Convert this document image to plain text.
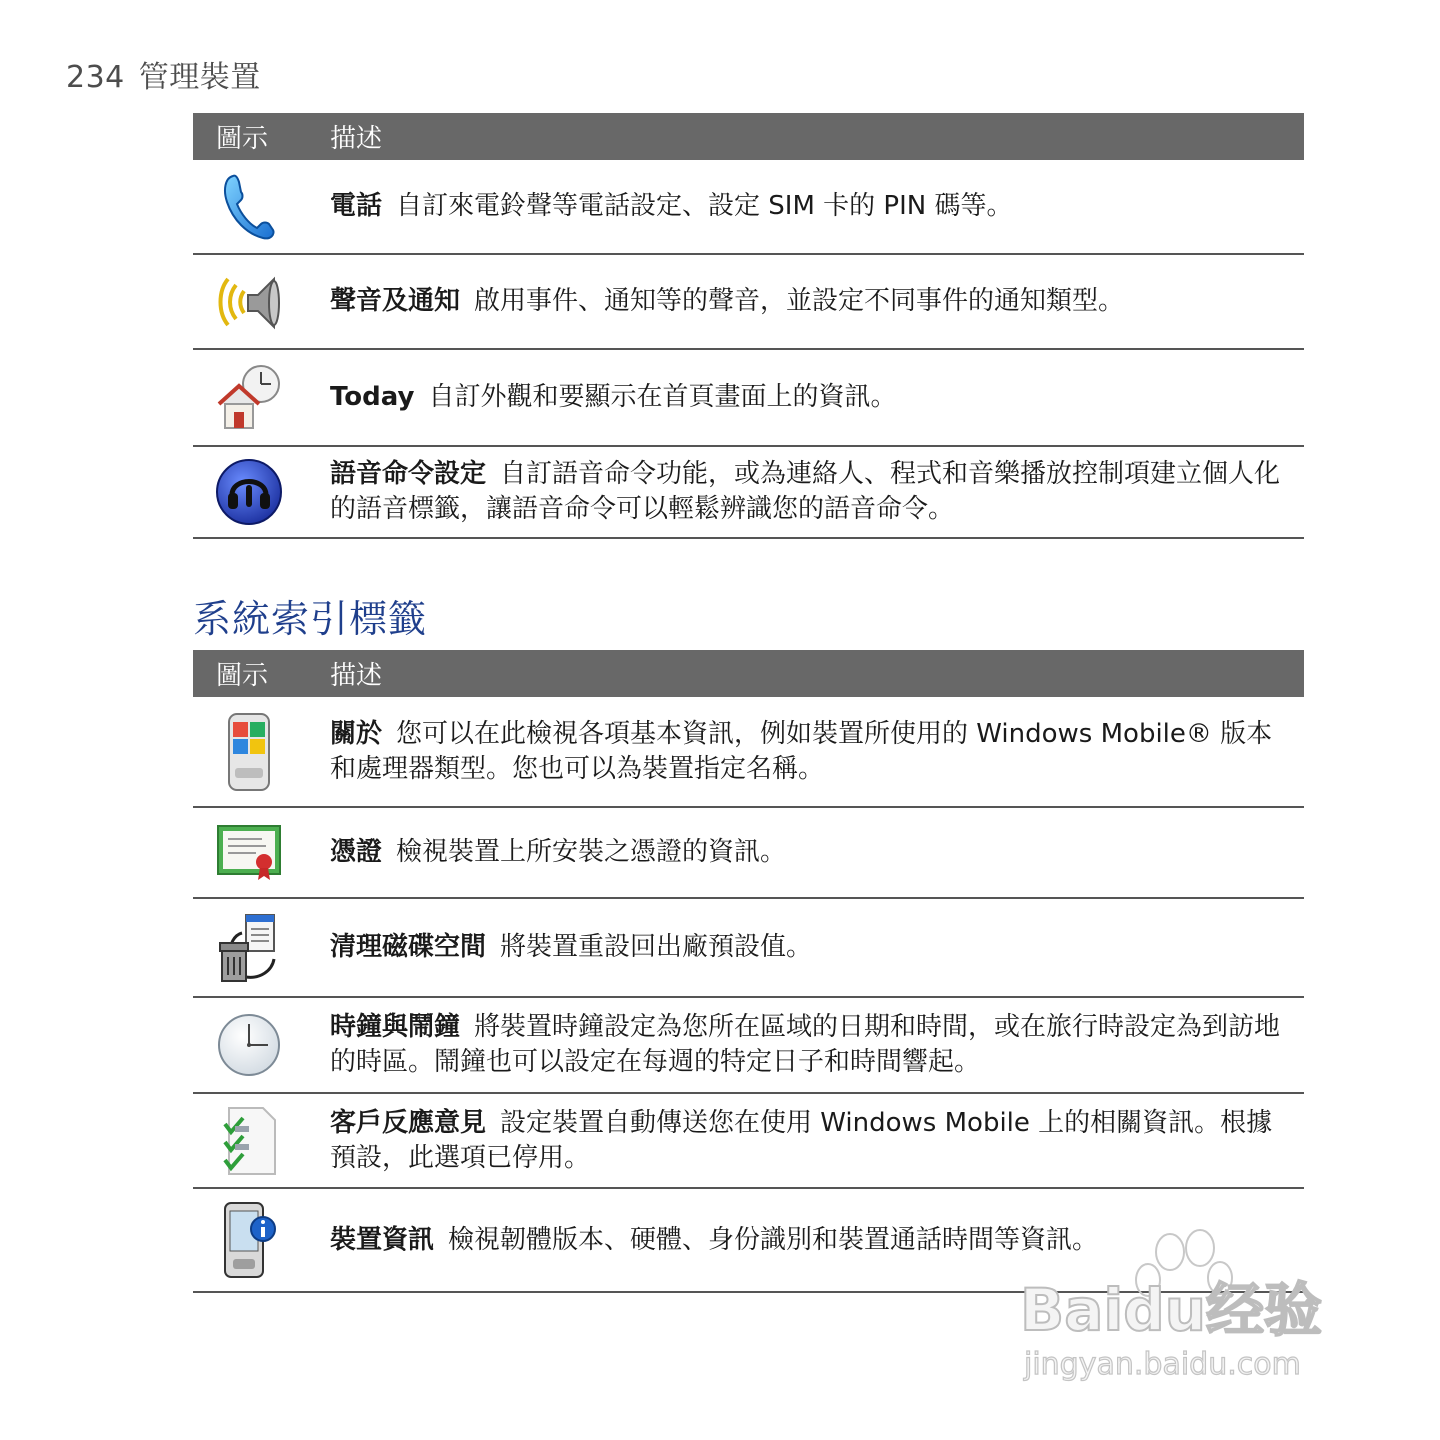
234 管理裝置
圖示	描述
電話 自訂來電鈴聲等電話設定、設定 SIM 卡的 PIN 碼等。
聲音及通知 啟用事件、通知等的聲音，並設定不同事件的通知類型。
Today 自訂外觀和要顯示在首頁畫面上的資訊。
語音命令設定 自訂語音命令功能，或為連絡人、程式和音樂播放控制項建立個人化的語音標籤，讓語音命令可以輕鬆辨識您的語音命令。
系統索引標籤
圖示	描述
關於 您可以在此檢視各項基本資訊，例如裝置所使用的 Windows Mobile® 版本和處理器類型。您也可以為裝置指定名稱。
憑證 檢視裝置上所安裝之憑證的資訊。
清理磁碟空間 將裝置重設回出廠預設值。
時鐘與鬧鐘 將裝置時鐘設定為您所在區域的日期和時間，或在旅行時設定為到訪地的時區。鬧鐘也可以設定在每週的特定日子和時間響起。
客戶反應意見 設定裝置自動傳送您在使用 Windows Mobile 上的相關資訊。根據預設，此選項已停用。
裝置資訊 檢視韌體版本、硬體、身份識別和裝置通話時間等資訊。
Baidu经验
jingyan.baidu.com
